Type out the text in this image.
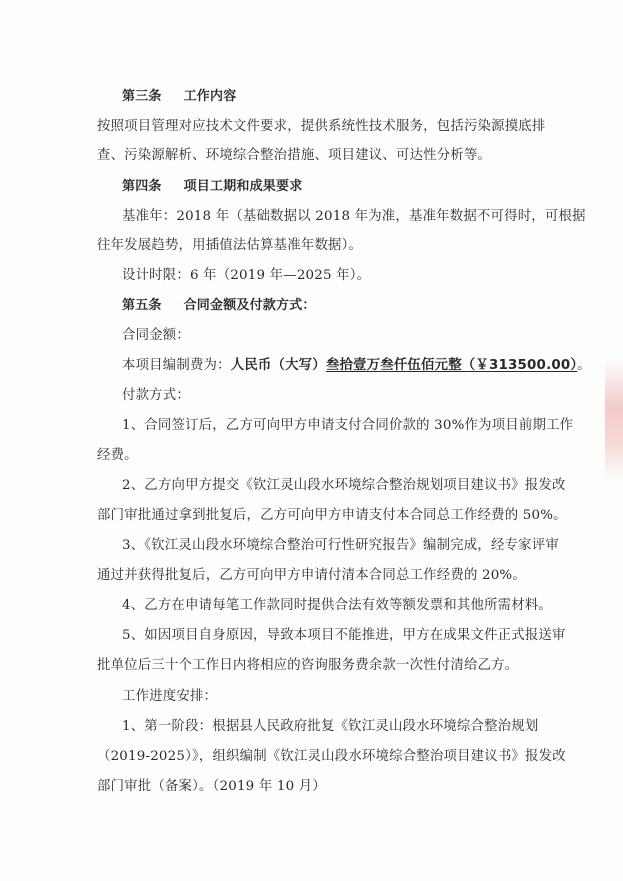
第三条 工作内容
按照项目管理对应技术文件要求，提供系统性技术服务，包括污染源摸底排
查、污染源解析、环境综合整治措施、项目建议、可达性分析等。
第四条 项目工期和成果要求
基准年：2018 年（基础数据以 2018 年为准，基准年数据不可得时，可根据
往年发展趋势，用插值法估算基准年数据）。
设计时限：6 年（2019 年—2025 年）。
第五条 合同金额及付款方式：
合同金额：
本项目编制费为：人民币（大写）叁拾壹万叁仟伍佰元整（￥313500.00）。
付款方式：
1、合同签订后，乙方可向甲方申请支付合同价款的 30%作为项目前期工作
经费。
2、乙方向甲方提交《钦江灵山段水环境综合整治规划项目建议书》报发改
部门审批通过拿到批复后，乙方可向甲方申请支付本合同总工作经费的 50%。
3、《钦江灵山段水环境综合整治可行性研究报告》编制完成，经专家评审
通过并获得批复后，乙方可向甲方申请付清本合同总工作经费的 20%。
4、乙方在申请每笔工作款同时提供合法有效等额发票和其他所需材料。
5、如因项目自身原因，导致本项目不能推进，甲方在成果文件正式报送审
批单位后三十个工作日内将相应的咨询服务费余款一次性付清给乙方。
工作进度安排：
1、第一阶段：根据县人民政府批复《钦江灵山段水环境综合整治规划
（2019-2025）》，组织编制《钦江灵山段水环境综合整治项目建议书》报发改
部门审批（备案）。（2019 年 10 月）
